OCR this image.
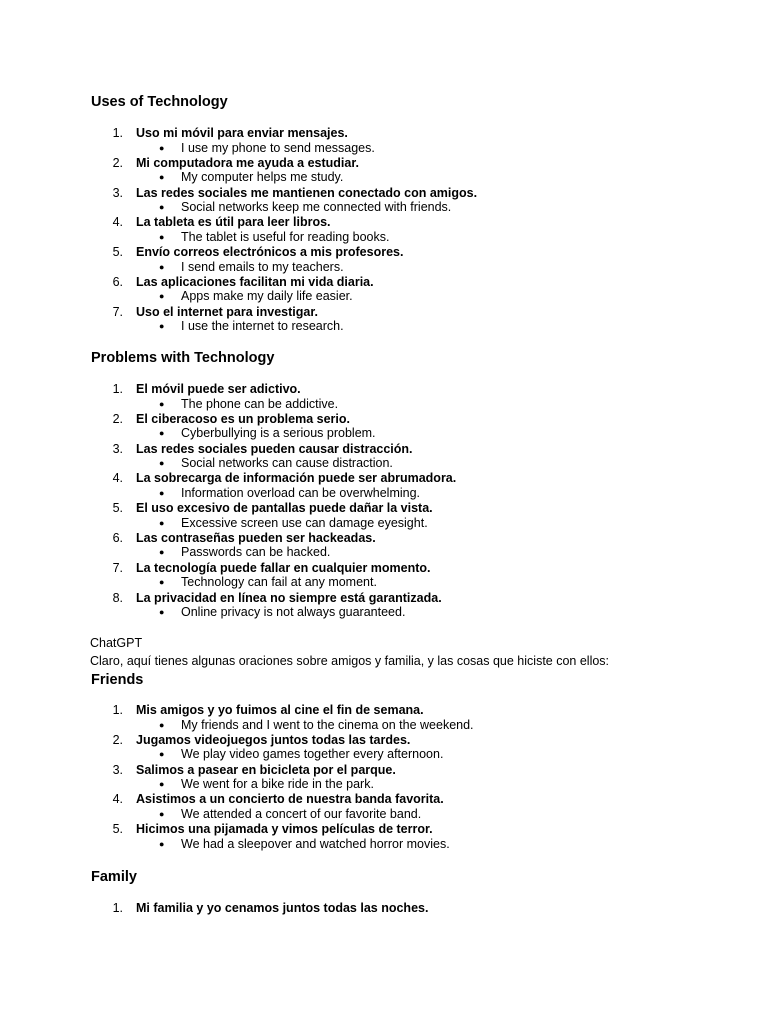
Uses of Technology
1. Uso mi móvil para enviar mensajes.
● I use my phone to send messages.
2. Mi computadora me ayuda a estudiar.
● My computer helps me study.
3. Las redes sociales me mantienen conectado con amigos.
● Social networks keep me connected with friends.
4. La tableta es útil para leer libros.
● The tablet is useful for reading books.
5. Envío correos electrónicos a mis profesores.
● I send emails to my teachers.
6. Las aplicaciones facilitan mi vida diaria.
● Apps make my daily life easier.
7. Uso el internet para investigar.
● I use the internet to research.
Problems with Technology
1. El móvil puede ser adictivo.
● The phone can be addictive.
2. El ciberacoso es un problema serio.
● Cyberbullying is a serious problem.
3. Las redes sociales pueden causar distracción.
● Social networks can cause distraction.
4. La sobrecarga de información puede ser abrumadora.
● Information overload can be overwhelming.
5. El uso excesivo de pantallas puede dañar la vista.
● Excessive screen use can damage eyesight.
6. Las contraseñas pueden ser hackeadas.
● Passwords can be hacked.
7. La tecnología puede fallar en cualquier momento.
● Technology can fail at any moment.
8. La privacidad en línea no siempre está garantizada.
● Online privacy is not always guaranteed.

ChatGPT

Claro, aquí tienes algunas oraciones sobre amigos y familia, y las cosas que hiciste con ellos:

Friends
1. Mis amigos y yo fuimos al cine el fin de semana.
● My friends and I went to the cinema on the weekend.
2. Jugamos videojuegos juntos todas las tardes.
● We play video games together every afternoon.
3. Salimos a pasear en bicicleta por el parque.
● We went for a bike ride in the park.
4. Asistimos a un concierto de nuestra banda favorita.
● We attended a concert of our favorite band.
5. Hicimos una pijamada y vimos películas de terror.
● We had a sleepover and watched horror movies.
Family
1. Mi familia y yo cenamos juntos todas las noches.
